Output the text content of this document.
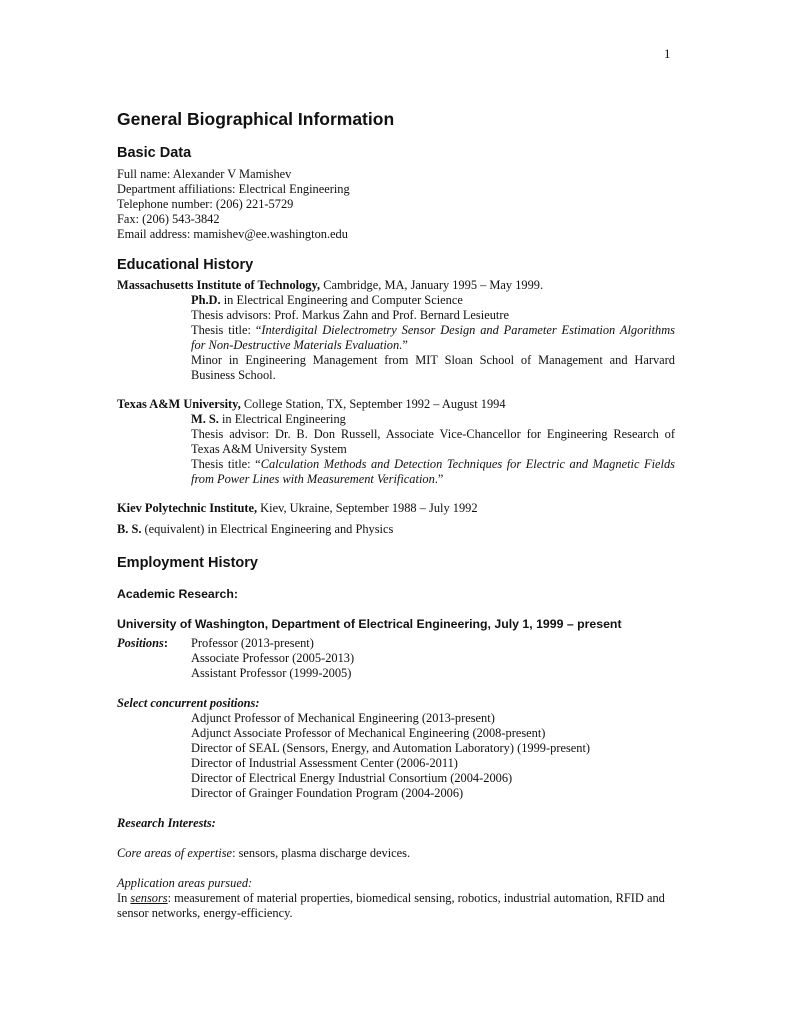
1
General Biographical Information
Basic Data

Full name: Alexander V Mamishev

Department affiliations: Electrical Engineering

Telephone number: (206) 221-5729

Fax: (206) 543-3842

Email address: mamishev@ee.washington.edu

Educational History

Massachusetts Institute of Technology, Cambridge, MA, January 1995 – May 1999.

Ph.D. in Electrical Engineering and Computer Science

Thesis advisors: Prof. Markus Zahn and Prof. Bernard Lesieutre

Thesis title: “Interdigital Dielectrometry Sensor Design and Parameter Estimation Algorithms for Non-Destructive Materials Evaluation.”

Minor in Engineering Management from MIT Sloan School of Management and Harvard Business School.

Texas A&M University, College Station, TX, September 1992 – August 1994

M. S. in Electrical Engineering

Thesis advisor: Dr. B. Don Russell, Associate Vice-Chancellor for Engineering Research of Texas A&M University System

Thesis title: “Calculation Methods and Detection Techniques for Electric and Magnetic Fields from Power Lines with Measurement Verification.”

Kiev Polytechnic Institute, Kiev, Ukraine, September 1988 – July 1992

B. S. (equivalent) in Electrical Engineering and Physics

Employment History
Academic Research:
University of Washington, Department of Electrical Engineering, July 1, 1999 – present
Positions:	Professor (2013-present)

Associate Professor (2005-2013)

Assistant Professor (1999-2005)

Select concurrent positions:

Adjunct Professor of Mechanical Engineering (2013-present)

Adjunct Associate Professor of Mechanical Engineering (2008-present)

Director of SEAL (Sensors, Energy, and Automation Laboratory) (1999-present)

Director of Industrial Assessment Center (2006-2011)

Director of Electrical Energy Industrial Consortium (2004-2006)

Director of Grainger Foundation Program (2004-2006)

Research Interests:

Core areas of expertise: sensors, plasma discharge devices.

Application areas pursued:

In sensors: measurement of material properties, biomedical sensing, robotics, industrial automation, RFID and sensor networks, energy-efficiency.
